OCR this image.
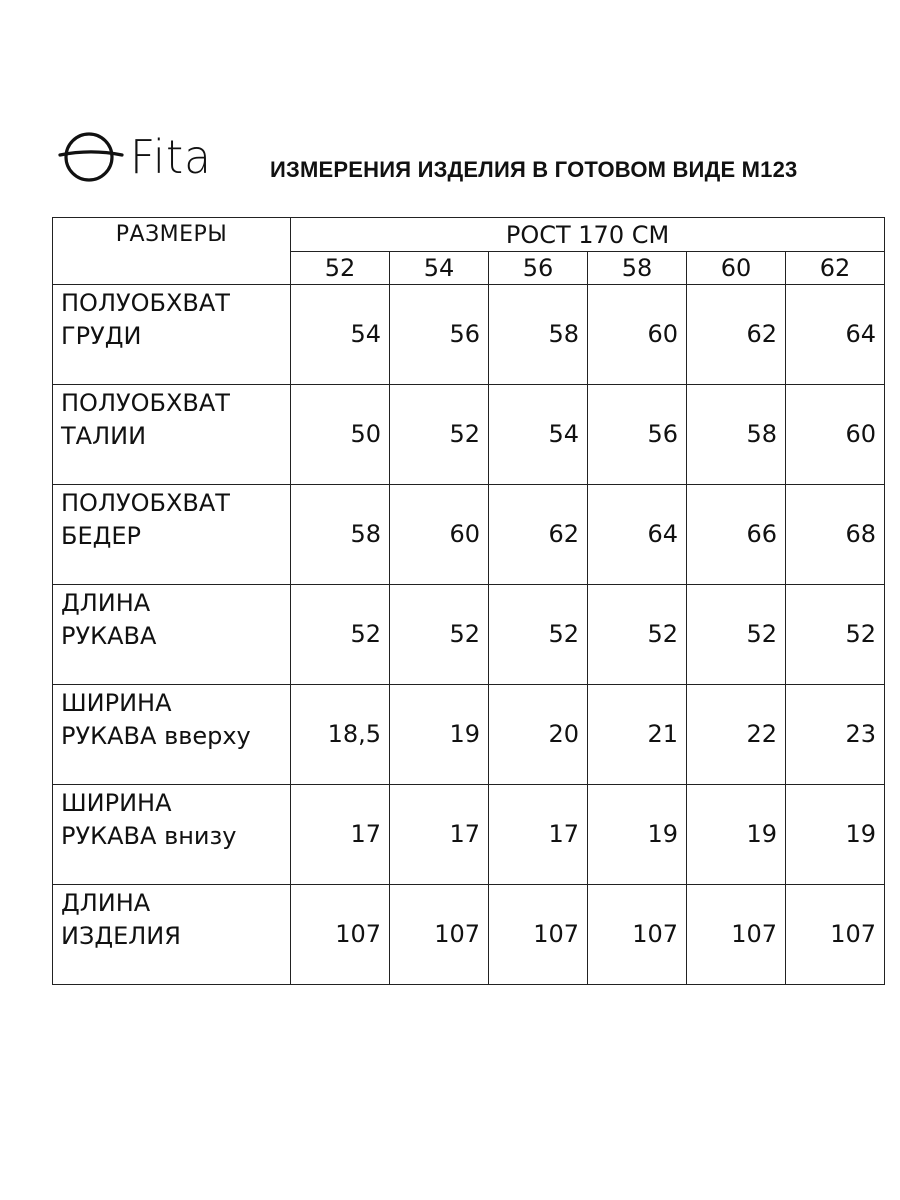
Fita	ИЗМЕРЕНИЯ ИЗДЕЛИЯ В ГОТОВОМ ВИДЕ М123
РАЗМЕРЫ	РОСТ 170 СМ					
	52	54	56	58	60	62

ПОЛУОБХВАТ
ГРУДИ	54	56	58	60	62	64

ПОЛУОБХВАТ
ТАЛИИ	50	52	54	56	58	60

ПОЛУОБХВАТ
БЕДЕР	58	60	62	64	66	68

ДЛИНА
РУКАВА	52	52	52	52	52	52

ШИРИНА
РУКАВА вверху	18,5	19	20	21	22	23

ШИРИНА
РУКАВА внизу	17	17	17	19	19	19

ДЛИНА
ИЗДЕЛИЯ	107	107	107	107	107	107
